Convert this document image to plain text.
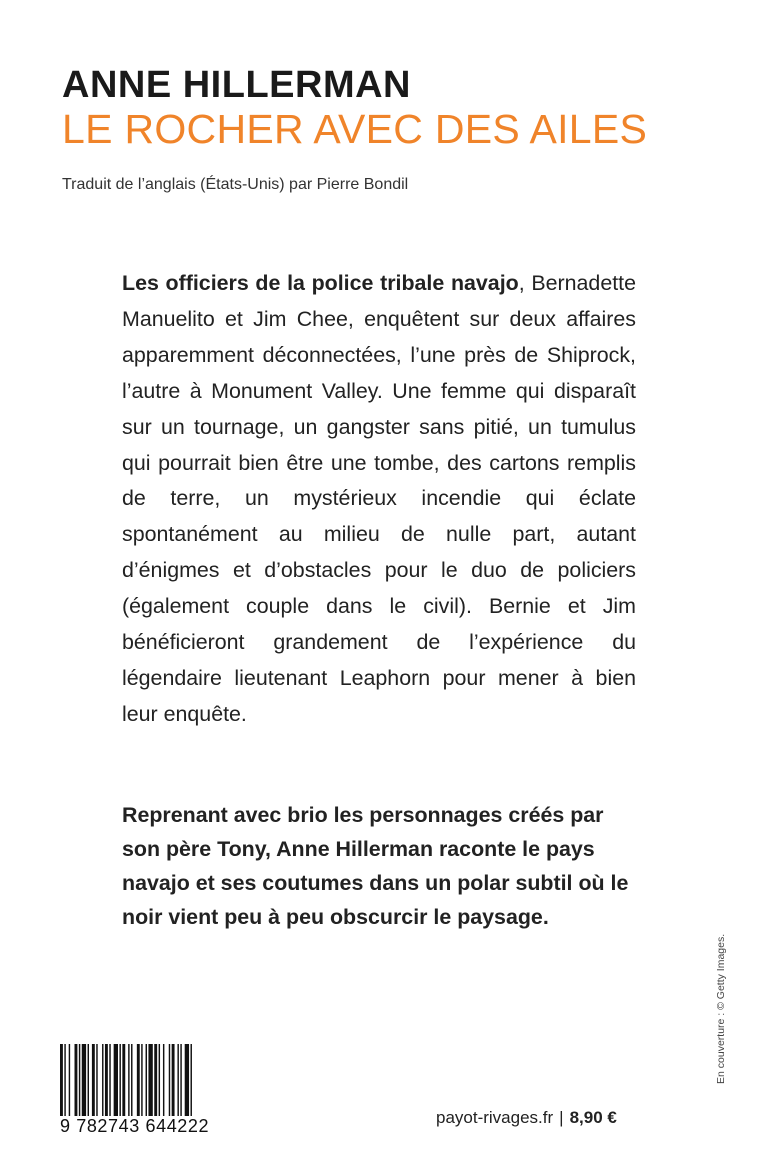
ANNE HILLERMAN
LE ROCHER AVEC DES AILES
Traduit de l’anglais (États-Unis) par Pierre Bondil

Les officiers de la police tribale navajo, Bernadette Manuelito et Jim Chee, enquêtent sur deux affaires apparemment déconnectées, l’une près de Shiprock, l’autre à Monument Valley. Une femme qui disparaît sur un tournage, un gangster sans pitié, un tumulus qui pourrait bien être une tombe, des cartons remplis de terre, un mystérieux incendie qui éclate spontanément au milieu de nulle part, autant d’énigmes et d’obstacles pour le duo de policiers (également couple dans le civil). Bernie et Jim bénéficieront grandement de l’expérience du légendaire lieutenant Leaphorn pour mener à bien leur enquête.

Reprenant avec brio les personnages créés par son père Tony, Anne Hillerman raconte le pays navajo et ses coutumes dans un polar subtil où le noir vient peu à peu obscurcir le paysage.

En couverture : © Getty Images.
9 782743 644222	payot-rivages.fr | 8,90 €
